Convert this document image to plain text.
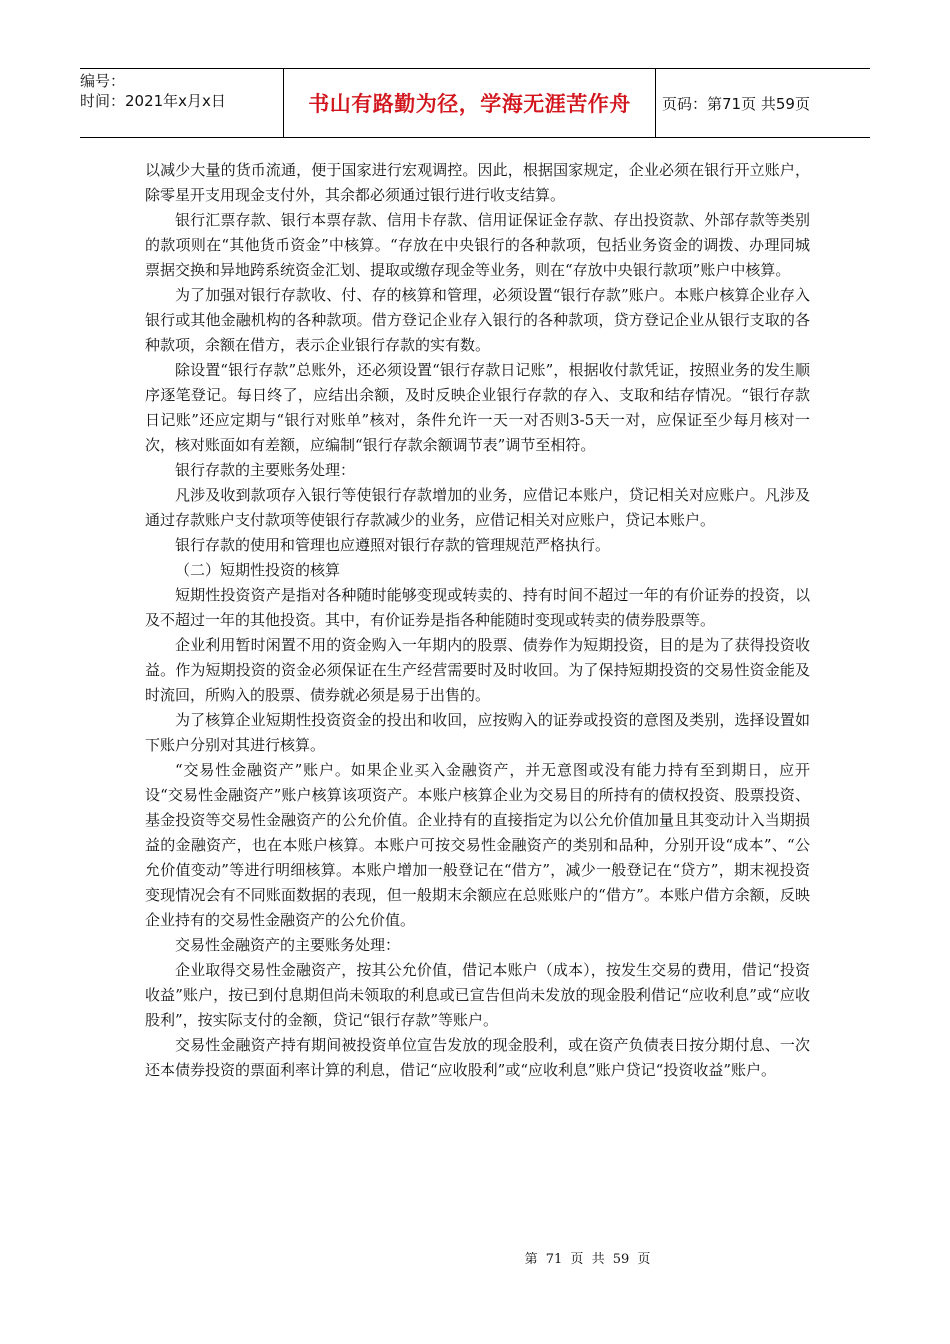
编号：
时间：2021年x月x日	书山有路勤为径，学海无涯苦作舟	页码：第71页 共59页

以减少大量的货币流通，便于国家进行宏观调控。因此，根据国家规定，企业必须在银行开立账户，除零星开支用现金支付外，其余都必须通过银行进行收支结算。

银行汇票存款、银行本票存款、信用卡存款、信用证保证金存款、存出投资款、外部存款等类别的款项则在“其他货币资金”中核算。“存放在中央银行的各种款项，包括业务资金的调拨、办理同城票据交换和异地跨系统资金汇划、提取或缴存现金等业务，则在“存放中央银行款项”账户中核算。

为了加强对银行存款收、付、存的核算和管理，必须设置“银行存款”账户。本账户核算企业存入银行或其他金融机构的各种款项。借方登记企业存入银行的各种款项，贷方登记企业从银行支取的各种款项，余额在借方，表示企业银行存款的实有数。

除设置“银行存款”总账外，还必须设置“银行存款日记账”，根据收付款凭证，按照业务的发生顺序逐笔登记。每日终了，应结出余额，及时反映企业银行存款的存入、支取和结存情况。“银行存款日记账”还应定期与“银行对账单”核对，条件允许一天一对否则3-5天一对，应保证至少每月核对一次，核对账面如有差额，应编制“银行存款余额调节表”调节至相符。

银行存款的主要账务处理：

凡涉及收到款项存入银行等使银行存款增加的业务，应借记本账户，贷记相关对应账户。凡涉及通过存款账户支付款项等使银行存款减少的业务，应借记相关对应账户，贷记本账户。

银行存款的使用和管理也应遵照对银行存款的管理规范严格执行。

（二）短期性投资的核算

短期性投资资产是指对各种随时能够变现或转卖的、持有时间不超过一年的有价证券的投资，以及不超过一年的其他投资。其中，有价证券是指各种能随时变现或转卖的债券股票等。

企业利用暂时闲置不用的资金购入一年期内的股票、债券作为短期投资，目的是为了获得投资收益。作为短期投资的资金必须保证在生产经营需要时及时收回。为了保持短期投资的交易性资金能及时流回，所购入的股票、债券就必须是易于出售的。

为了核算企业短期性投资资金的投出和收回，应按购入的证券或投资的意图及类别，选择设置如下账户分别对其进行核算。

“交易性金融资产”账户。如果企业买入金融资产，并无意图或没有能力持有至到期日，应开设“交易性金融资产”账户核算该项资产。本账户核算企业为交易目的所持有的债权投资、股票投资、基金投资等交易性金融资产的公允价值。企业持有的直接指定为以公允价值加量且其变动计入当期损益的金融资产，也在本账户核算。本账户可按交易性金融资产的类别和品种，分别开设“成本”、“公允价值变动”等进行明细核算。本账户增加一般登记在“借方”，减少一般登记在“贷方”，期末视投资变现情况会有不同账面数据的表现，但一般期末余额应在总账账户的“借方”。本账户借方余额，反映企业持有的交易性金融资产的公允价值。

交易性金融资产的主要账务处理：

企业取得交易性金融资产，按其公允价值，借记本账户（成本），按发生交易的费用，借记“投资收益”账户，按已到付息期但尚未领取的利息或已宣告但尚未发放的现金股利借记“应收利息”或“应收股利”，按实际支付的金额，贷记“银行存款”等账户。

交易性金融资产持有期间被投资单位宣告发放的现金股利，或在资产负债表日按分期付息、一次还本债券投资的票面利率计算的利息，借记“应收股利”或“应收利息”账户贷记“投资收益”账户。

第 71 页 共 59 页
